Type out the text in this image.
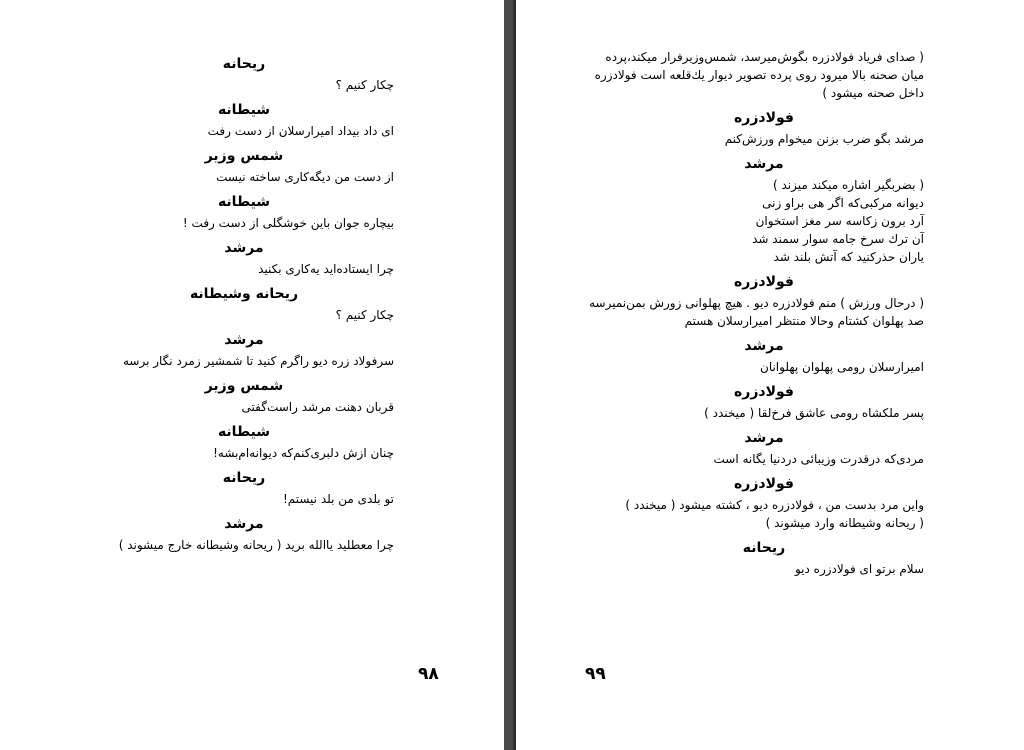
ریحانه
چکار کنیم ؟
شیطانه
ای داد بیداد امیرارسلان از دست رفت
شمس وزیر
از دست من دیگه‌کاری ساخته نیست
شیطانه
بیچاره جوان باین خوشگلی از دست رفت !
مرشد
چرا ایستاده‌اید یه‌کاری بکنید
ریحانه وشیطانه
چکار کنیم ؟
مرشد
سرفولاد زره دیو راگرم کنید تا شمشیر زمرد نگار برسه
شمس وزیر
قربان دهنت مرشد راست‌گفتی
شیطانه
چنان ازش دلبری‌کنم‌که دیوانه‌ام‌بشه!
ریحانه
تو بلدی من بلد نیستم!
مرشد
چرا معطلید یاالله برید ( ریحانه وشیطانه خارج میشوند )
۹۸
( صدای فریاد فولادزره بگوش‌میرسد، شمس‌وزیرفرار میکند،پرده
میان صحنه بالا میرود روی پرده تصویر دیوار یك‌قلعه است فولادزره
داخل صحنه میشود )
فولادزره
مرشد بگو ضرب بزنن میخوام ورزش‌کنم
مرشد
( بضربگیر اشاره میکند میزند )
دیوانه مرکبی‌که اگر هی براو زنی
آرد برون زکاسه سر مغز استخوان
آن ترك سرخ جامه سوار سمند شد
یاران حذرکنید که آتش بلند شد
فولادزره
( درحال ورزش ) منم فولادزره دیو . هیچ پهلوانی زورش بمن‌نمیرسه
صد پهلوان کشتام وحالا منتظر امیرارسلان هستم
مرشد
امیرارسلان رومی پهلوان پهلوانان
فولادزره
پسر ملکشاه رومی عاشق فرخ‌لقا ( میخندد )
مرشد
مردی‌که درقدرت وزیبائی دردنیا یگانه است
فولادزره
واین مرد بدست من ، فولادزره دیو ، کشته میشود ( میخندد )
( ریحانه وشیطانه وارد میشوند )
ریحانه
سلام برتو ای فولادزره دیو
۹۹
